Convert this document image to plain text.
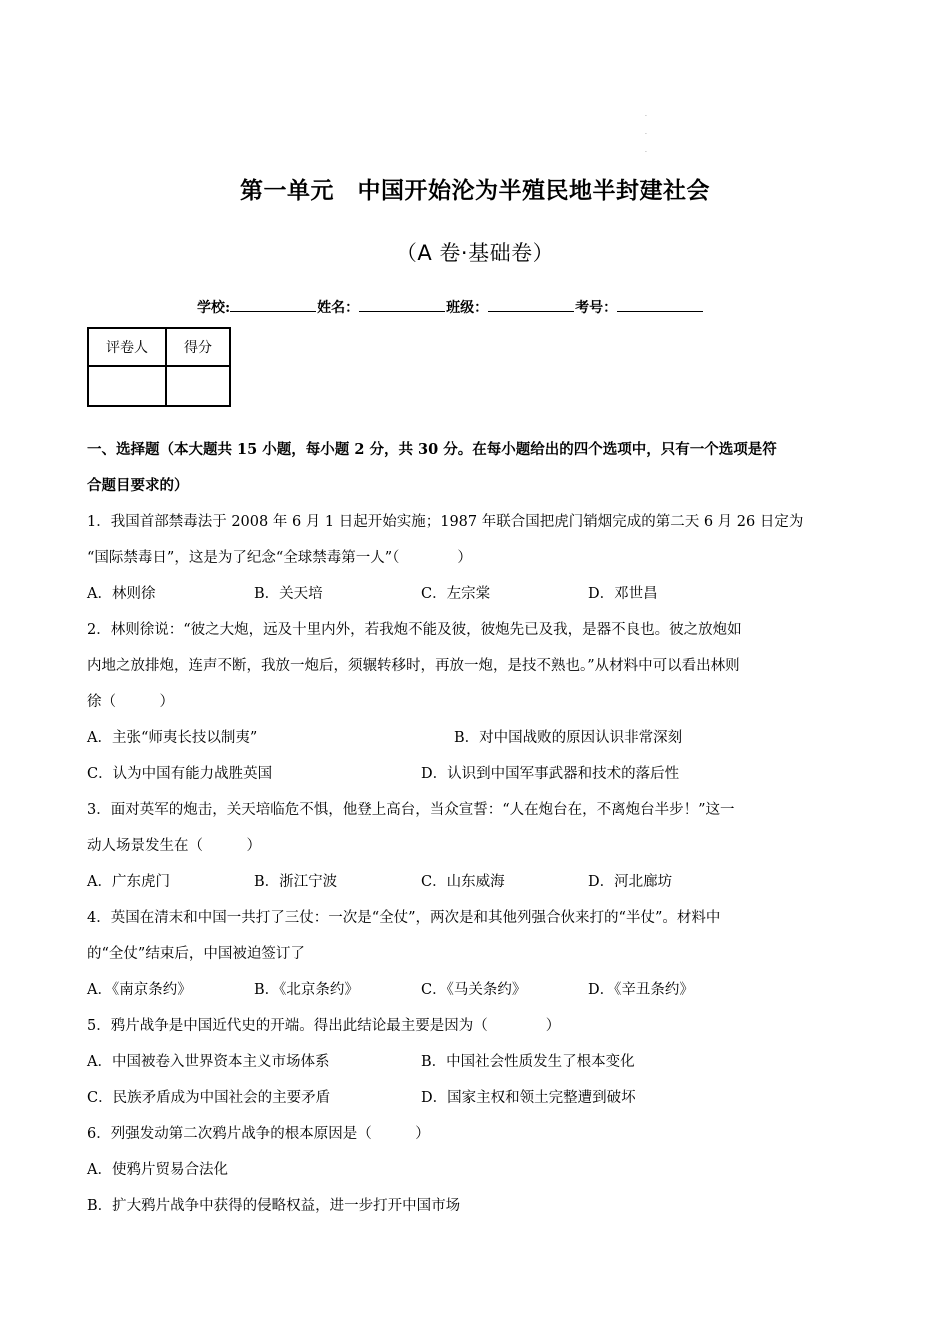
·
·
·
第一单元　中国开始沦为半殖民地半封建社会
（A 卷·基础卷）
学校:	姓名：	班级：	考号：
评卷人	得分

一、选择题（本大题共 15 小题，每小题 2 分，共 30 分。在每小题给出的四个选项中，只有一个选项是符
合题目要求的）
1．我国首部禁毒法于 2008 年 6 月 1 日起开始实施；1987 年联合国把虎门销烟完成的第二天 6 月 26 日定为
“国际禁毒日”，这是为了纪念“全球禁毒第一人”（　　　　）
A．林则徐	B．关天培	C．左宗棠	D．邓世昌
2．林则徐说：“彼之大炮，远及十里内外，若我炮不能及彼，彼炮先已及我，是器不良也。彼之放炮如
内地之放排炮，连声不断，我放一炮后，须辗转移时，再放一炮，是技不熟也。”从材料中可以看出林则
徐（　　　）
A．主张“师夷长技以制夷”	B．对中国战败的原因认识非常深刻
C．认为中国有能力战胜英国	D．认识到中国军事武器和技术的落后性
3．面对英军的炮击，关天培临危不惧，他登上高台，当众宣誓：“人在炮台在，不离炮台半步！”这一
动人场景发生在（　　　）
A．广东虎门	B．浙江宁波	C．山东威海	D．河北廊坊
4．英国在清末和中国一共打了三仗：一次是“全仗”，两次是和其他列强合伙来打的“半仗”。材料中
的“全仗”结束后，中国被迫签订了
A．《南京条约》	B．《北京条约》	C．《马关条约》	D．《辛丑条约》
5．鸦片战争是中国近代史的开端。得出此结论最主要是因为（　　　　）
A．中国被卷入世界资本主义市场体系	B．中国社会性质发生了根本变化
C．民族矛盾成为中国社会的主要矛盾	D．国家主权和领土完整遭到破坏
6．列强发动第二次鸦片战争的根本原因是（　　　）
A．使鸦片贸易合法化
B．扩大鸦片战争中获得的侵略权益，进一步打开中国市场
